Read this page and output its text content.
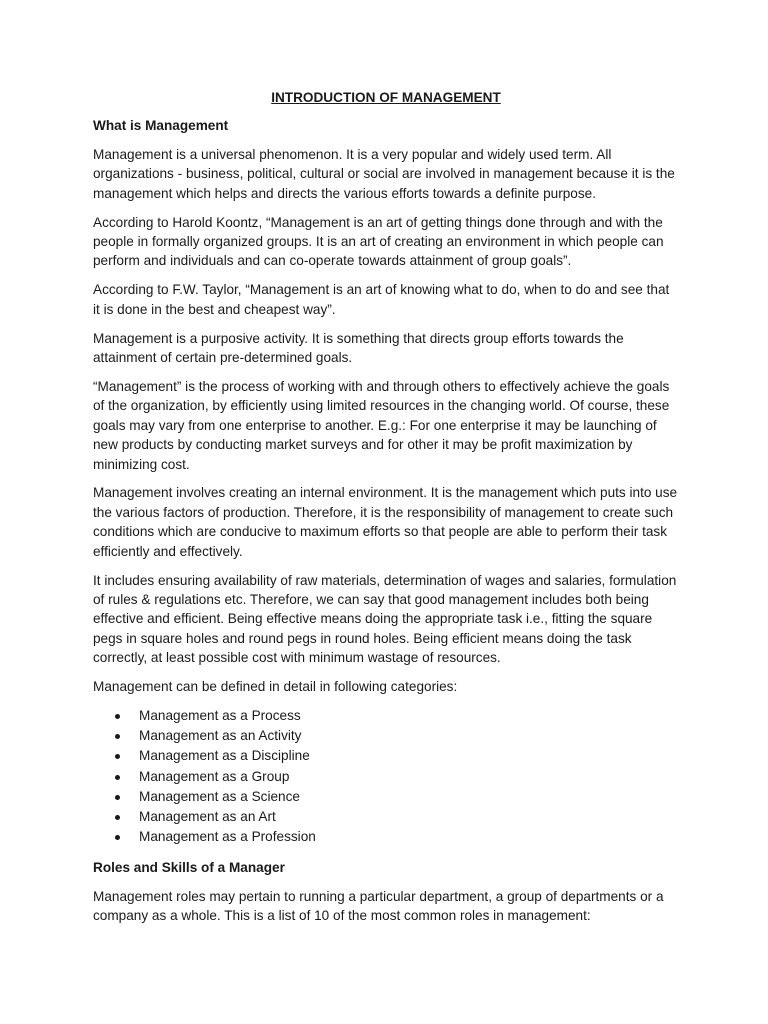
INTRODUCTION OF MANAGEMENT
What is Management

Management is a universal phenomenon. It is a very popular and widely used term. All organizations - business, political, cultural or social are involved in management because it is the management which helps and directs the various efforts towards a definite purpose.

According to Harold Koontz, “Management is an art of getting things done through and with the people in formally organized groups. It is an art of creating an environment in which people can perform and individuals and can co-operate towards attainment of group goals”.

According to F.W. Taylor, “Management is an art of knowing what to do, when to do and see that it is done in the best and cheapest way”.

Management is a purposive activity. It is something that directs group efforts towards the attainment of certain pre-determined goals.

“Management” is the process of working with and through others to effectively achieve the goals of the organization, by efficiently using limited resources in the changing world. Of course, these goals may vary from one enterprise to another. E.g.: For one enterprise it may be launching of new products by conducting market surveys and for other it may be profit maximization by minimizing cost.

Management involves creating an internal environment. It is the management which puts into use the various factors of production. Therefore, it is the responsibility of management to create such conditions which are conducive to maximum efforts so that people are able to perform their task efficiently and effectively.

It includes ensuring availability of raw materials, determination of wages and salaries, formulation of rules & regulations etc. Therefore, we can say that good management includes both being effective and efficient. Being effective means doing the appropriate task i.e., fitting the square pegs in square holes and round pegs in round holes. Being efficient means doing the task correctly, at least possible cost with minimum wastage of resources.

Management can be defined in detail in following categories:

Management as a Process
Management as an Activity
Management as a Discipline
Management as a Group
Management as a Science
Management as an Art
Management as a Profession
Roles and Skills of a Manager

Management roles may pertain to running a particular department, a group of departments or a company as a whole. This is a list of 10 of the most common roles in management:
